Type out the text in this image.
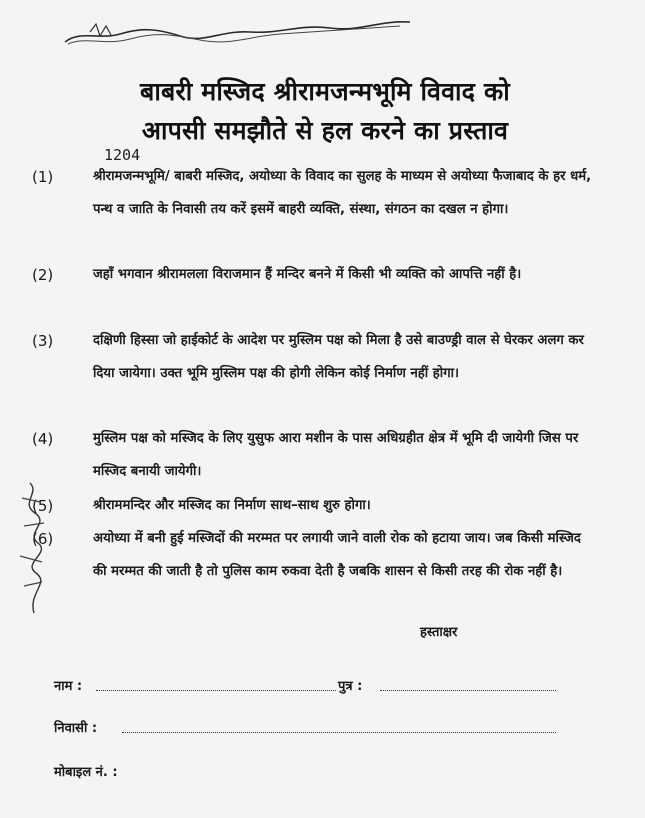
बाबरी मस्जिद श्रीरामजन्मभूमि विवाद को
आपसी समझौते से हल करने का प्रस्ताव
1204
(1)	श्रीरामजन्मभूमि/ बाबरी मस्जिद, अयोध्या के विवाद का सुलह के माध्यम से अयोध्या फैजाबाद के हर धर्म, पन्थ व जाति के निवासी तय करें इसमें बाहरी व्यक्ति, संस्था, संगठन का दखल न होगा।
(2)	जहाँ भगवान श्रीरामलला विराजमान हैं मन्दिर बनने में किसी भी व्यक्ति को आपत्ति नहीं है।
(3)	दक्षिणी हिस्सा जो हाईकोर्ट के आदेश पर मुस्लिम पक्ष को मिला है उसे बाउण्ड्री वाल से घेरकर अलग कर दिया जायेगा। उक्त भूमि मुस्लिम पक्ष की होगी लेकिन कोई निर्माण नहीं होगा।
(4)	मुस्लिम पक्ष को मस्जिद के लिए युसुफ आरा मशीन के पास अधिग्रहीत क्षेत्र में भूमि दी जायेगी जिस पर मस्जिद बनायी जायेगी।
(5)	श्रीराममन्दिर और मस्जिद का निर्माण साथ–साथ शुरु होगा।
(6)	अयोध्या में बनी हुई मस्जिदों की मरम्मत पर लगायी जाने वाली रोक को हटाया जाय। जब किसी मस्जिद की मरम्मत की जाती है तो पुलिस काम रुकवा देती है जबकि शासन से किसी तरह की रोक नहीं है।
हस्ताक्षर
नाम :	पुत्र :
निवासी :
मोबाइल नं. :
